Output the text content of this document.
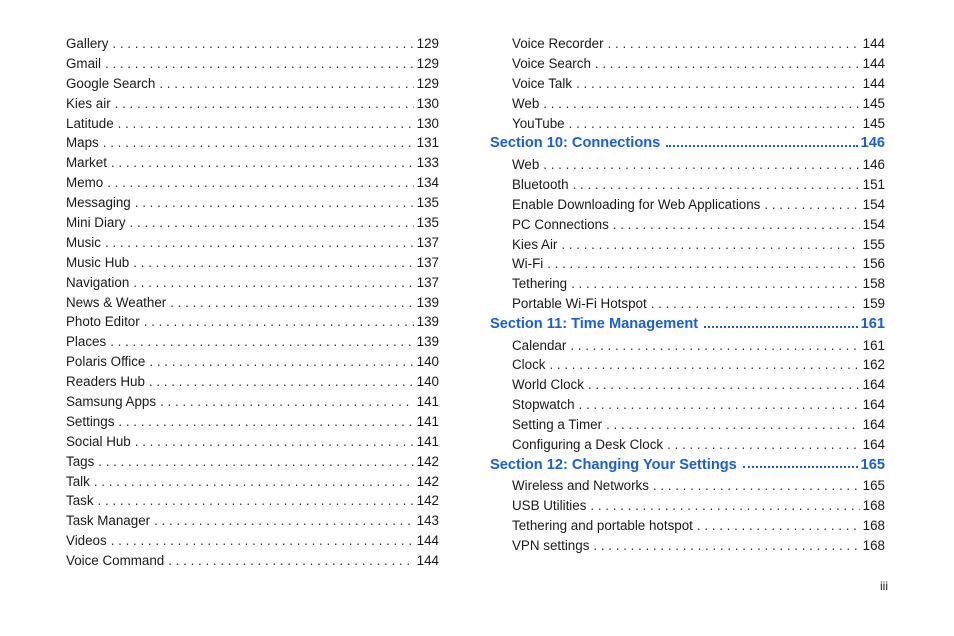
Gallery . . .	129
Gmail . . .	129
Google Search . . .	129
Kies air . . .	130
Latitude . . .	130
Maps . . .	131
Market . . .	133
Memo . . .	134
Messaging . . .	135
Mini Diary . . .	135
Music . . .	137
Music Hub . . .	137
Navigation . . .	137
News & Weather . . .	139
Photo Editor . . .	139
Places . . .	139
Polaris Office . . .	140
Readers Hub . . .	140
Samsung Apps . . .	141
Settings . . .	141
Social Hub . . .	141
Tags . . .	142
Talk . . .	142
Task . . .	142
Task Manager . . .	143
Videos . . .	144
Voice Command . . .	144
Voice Recorder . . .	144
Voice Search . . .	144
Voice Talk . . .	144
Web . . .	145
YouTube . . .	145
Section 10: Connections	146
Web . . .	146
Bluetooth . . .	151
Enable Downloading for Web Applications . . .	154
PC Connections . . .	154
Kies Air . . .	155
Wi-Fi . . .	156
Tethering . . .	158
Portable Wi-Fi Hotspot . . .	159
Section 11: Time Management	161
Calendar . . .	161
Clock . . .	162
World Clock . . .	164
Stopwatch . . .	164
Setting a Timer . . .	164
Configuring a Desk Clock . . .	164
Section 12: Changing Your Settings	165
Wireless and Networks . . .	165
USB Utilities . . .	168
Tethering and portable hotspot . . .	168
VPN settings . . .	168
iii
